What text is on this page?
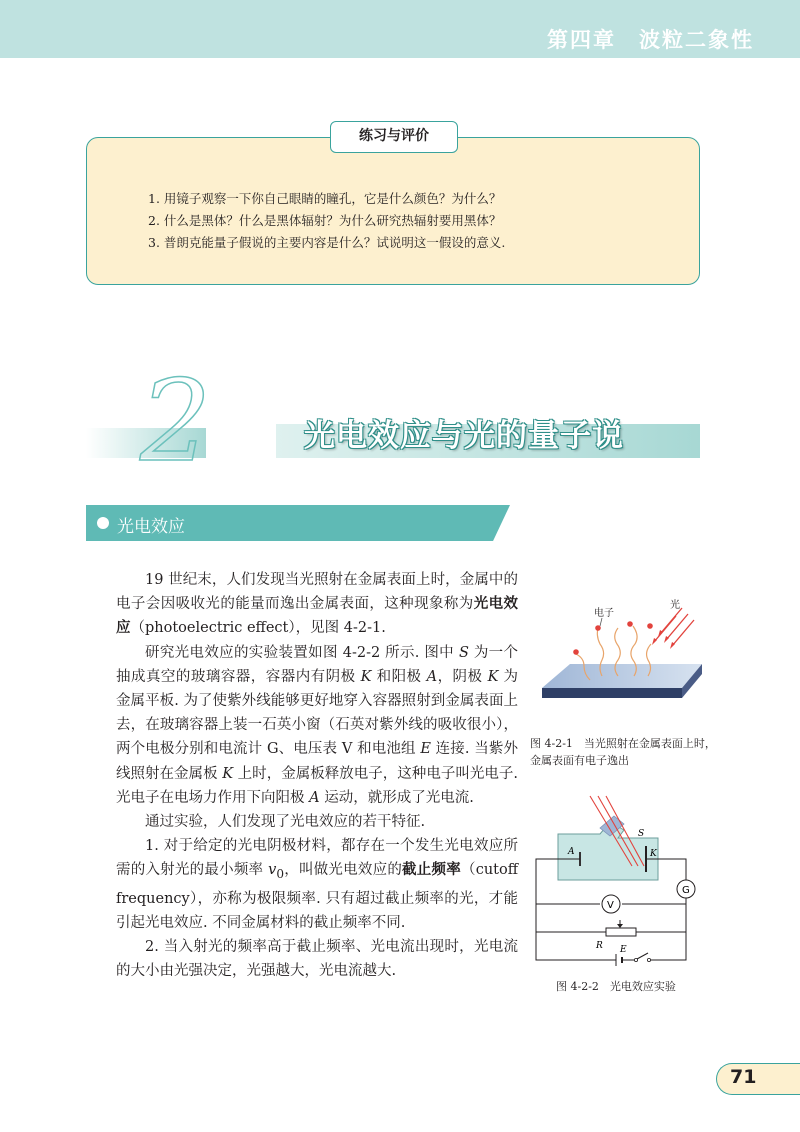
第四章　波粒二象性
练习与评价
1. 用镜子观察一下你自己眼睛的瞳孔，它是什么颜色？为什么？
2. 什么是黑体？什么是黑体辐射？为什么研究热辐射要用黑体？
3. 普朗克能量子假说的主要内容是什么？试说明这一假设的意义.
2	光电效应与光的量子说
光电效应

19 世纪末，人们发现当光照射在金属表面上时，金属中的电子会因吸收光的能量而逸出金属表面，这种现象称为光电效应（photoelectric effect），见图 4-2-1.

研究光电效应的实验装置如图 4-2-2 所示. 图中 S 为一个抽成真空的玻璃容器，容器内有阴极 K 和阳极 A，阴极 K 为金属平板. 为了使紫外线能够更好地穿入容器照射到金属表面上去，在玻璃容器上装一石英小窗（石英对紫外线的吸收很小），两个电极分别和电流计 G、电压表 V 和电池组 E 连接. 当紫外线照射在金属板 K 上时，金属板释放电子，这种电子叫光电子. 光电子在电场力作用下向阳极 A 运动，就形成了光电流.

通过实验，人们发现了光电效应的若干特征.

1. 对于给定的光电阴极材料，都存在一个发生光电效应所需的入射光的最小频率 $v_0$，叫做光电效应的截止频率（cutoff　frequency），亦称为极限频率. 只有超过截止频率的光，才能引起光电效应. 不同金属材料的截止频率不同.

2. 当入射光的频率高于截止频率、光电流出现时，光电流的大小由光强决定，光强越大，光电流越大.

电子
光
图 4-2-1　当光照射在金属表面上时，金属表面有电子逸出
A	K
S
G
V
R E
图 4-2-2　光电效应实验
71
